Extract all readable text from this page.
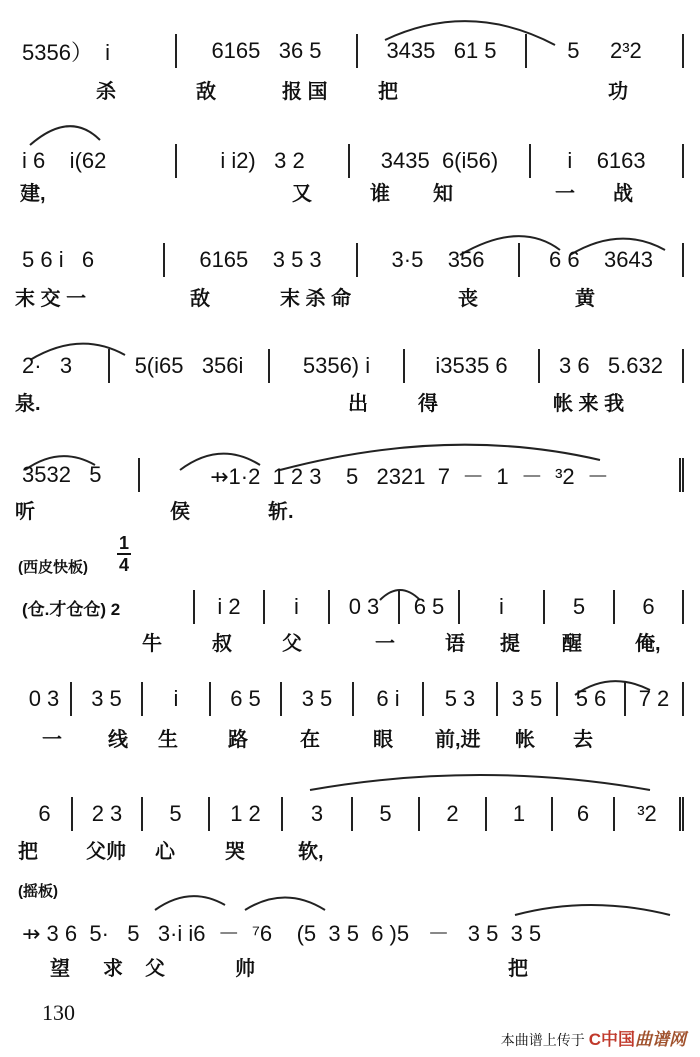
5356）  i	6165   36 5	3435   61 5	5     2³2
杀	敌	报 国	把	功
i 6    i(62	i i2)   3 2	3435  6(i56)	i    6163
建,	又	谁 知	一 战
5 6 i   6	6165    3 5 3	3·5    356	6 6    3643
末 交 一	敌	末 杀 命	丧	黄
2·   3	5(i65   356i	5356) i	i3535 6	3 6   5.632
泉.	出	得	帐 来 我
3532   5	⇸1·2  1 2 3    5   2321  7  －  1  －  ³2  －
听	侯	斩.
(西皮快板)
1
4
(仓.才仓仓) 2	i 2	i	0 3	6 5	i	5	6
牛	叔	父	一	语 提 醒	俺,
0 3	3 5	i	6 5	3 5	6 i	5 3	3 5	5 6	7 2
一 线 生	路	在	眼 前,进 帐 去
6	2 3	5	1 2	3	5	2	1	6	³2
把 父帅 心	哭	软,
(摇板)
⇸ 3 6  5·   5   3·i i6  －  ⁷6    (5  3 5  6 )5   －   3 5  3 5
望 求 父	帅	把
130
本曲谱上传于 C中国曲谱网
